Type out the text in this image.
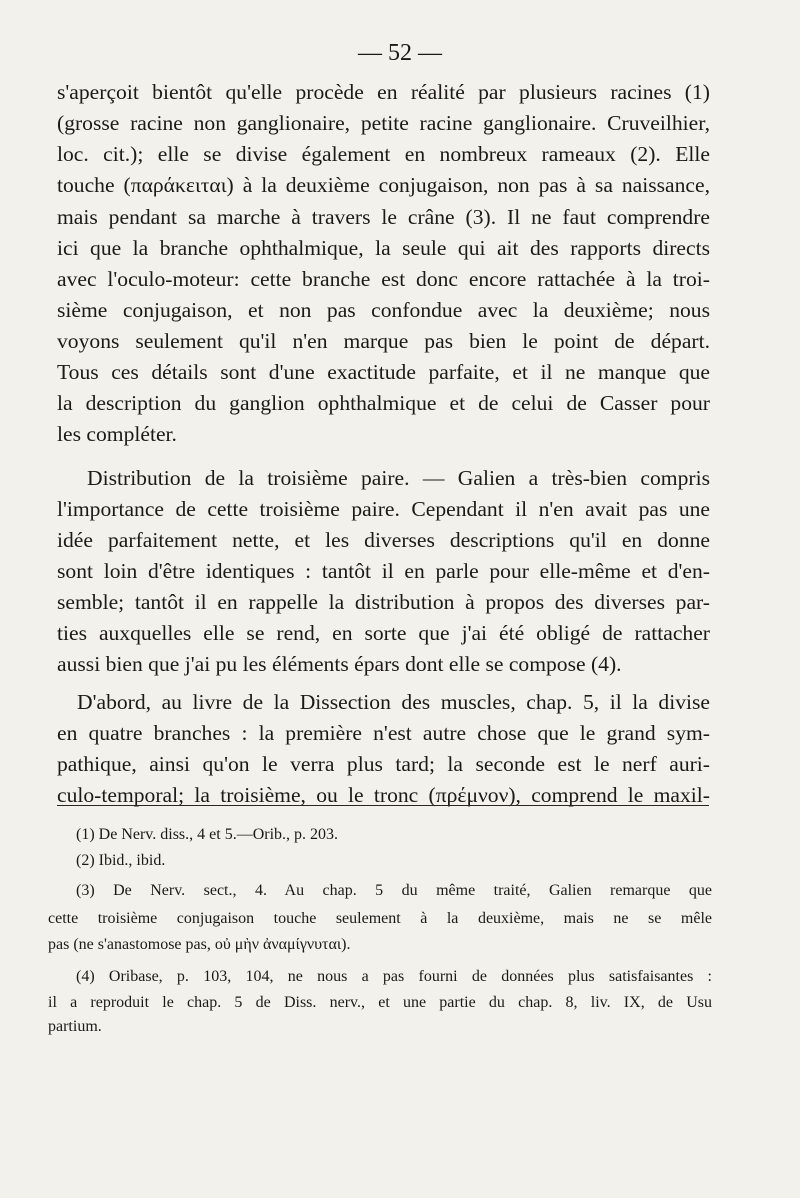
— 52 —
s'aperçoit bientôt qu'elle procède en réalité par plusieurs racines (1)
(grosse racine non ganglionaire, petite racine ganglionaire. Cruveilhier,
loc. cit.); elle se divise également en nombreux rameaux (2). Elle
touche (παράκειται) à la deuxième conjugaison, non pas à sa naissance,
mais pendant sa marche à travers le crâne (3). Il ne faut comprendre
ici que la branche ophthalmique, la seule qui ait des rapports directs
avec l'oculo-moteur: cette branche est donc encore rattachée à la troi-
sième conjugaison, et non pas confondue avec la deuxième; nous
voyons seulement qu'il n'en marque pas bien le point de départ.
Tous ces détails sont d'une exactitude parfaite, et il ne manque que
la description du ganglion ophthalmique et de celui de Casser pour
les compléter.
Distribution de la troisième paire. — Galien a très-bien compris
l'importance de cette troisième paire. Cependant il n'en avait pas une
idée parfaitement nette, et les diverses descriptions qu'il en donne
sont loin d'être identiques : tantôt il en parle pour elle-même et d'en-
semble; tantôt il en rappelle la distribution à propos des diverses par-
ties auxquelles elle se rend, en sorte que j'ai été obligé de rattacher
aussi bien que j'ai pu les éléments épars dont elle se compose (4).
D'abord, au livre de la Dissection des muscles, chap. 5, il la divise
en quatre branches : la première n'est autre chose que le grand sym-
pathique, ainsi qu'on le verra plus tard; la seconde est le nerf auri-
culo-temporal; la troisième, ou le tronc (πρέμνον), comprend le maxil-
(1) De Nerv. diss., 4 et 5.—Orib., p. 203.
(2) Ibid., ibid.
(3) De Nerv. sect., 4. Au chap. 5 du même traité, Galien remarque que
cette troisième conjugaison touche seulement à la deuxième, mais ne se mêle
pas (ne s'anastomose pas, οὐ μὴν ἀναμίγνυται).
(4) Oribase, p. 103, 104, ne nous a pas fourni de données plus satisfaisantes :
il a reproduit le chap. 5 de Diss. nerv., et une partie du chap. 8, liv. IX, de Usu
partium.
